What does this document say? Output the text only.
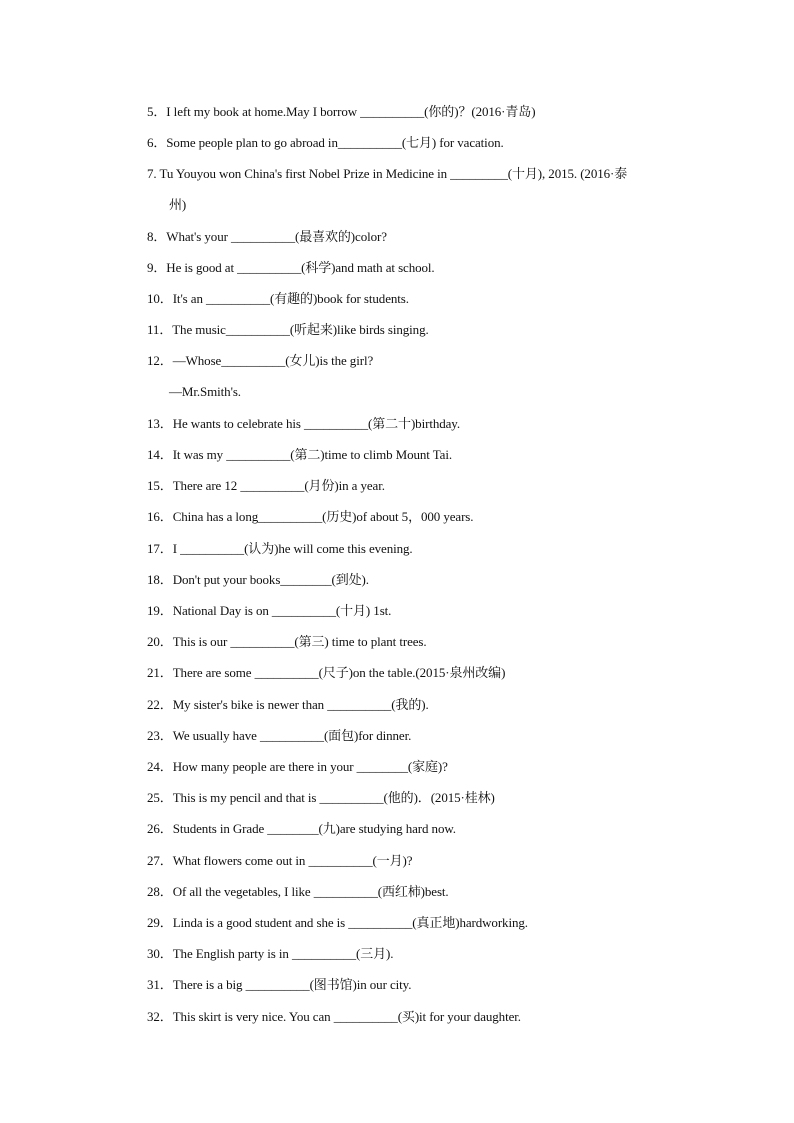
5．I left my book at home.May I borrow __________(你的)？(2016·青岛)
6．Some people plan to go abroad in__________(七月) for vacation.
7. Tu Youyou won China's first Nobel Prize in Medicine in _________(十月), 2015. (2016·泰
州)
8．What's your __________(最喜欢的)color?
9．He is good at __________(科学)and math at school.
10．It's an __________(有趣的)book for students.
11．The music__________(听起来)like birds singing.
12．—Whose__________(女儿)is the girl?
—Mr.Smith's.
13．He wants to celebrate his __________(第二十)birthday.
14．It was my __________(第二)time to climb Mount Tai.
15．There are 12 __________(月份)in a year.
16．China has a long__________(历史)of about 5，000 years.
17．I __________(认为)he will come this evening.
18．Don't put your books________(到处).
19．National Day is on __________(十月) 1st.
20．This is our __________(第三) time to plant trees.
21．There are some __________(尺子)on the table.(2015·泉州改编)
22．My sister's bike is newer than __________(我的).
23．We usually have __________(面包)for dinner.
24．How many people are there in your ________(家庭)?
25．This is my pencil and that is __________(他的)．(2015·桂林)
26．Students in Grade ________(九)are studying hard now.
27．What flowers come out in __________(一月)?
28．Of all the vegetables, I like __________(西红柿)best.
29．Linda is a good student and she is __________(真正地)hardworking.
30．The English party is in __________(三月).
31．There is a big __________(图书馆)in our city.
32．This skirt is very nice. You can __________(买)it for your daughter.
